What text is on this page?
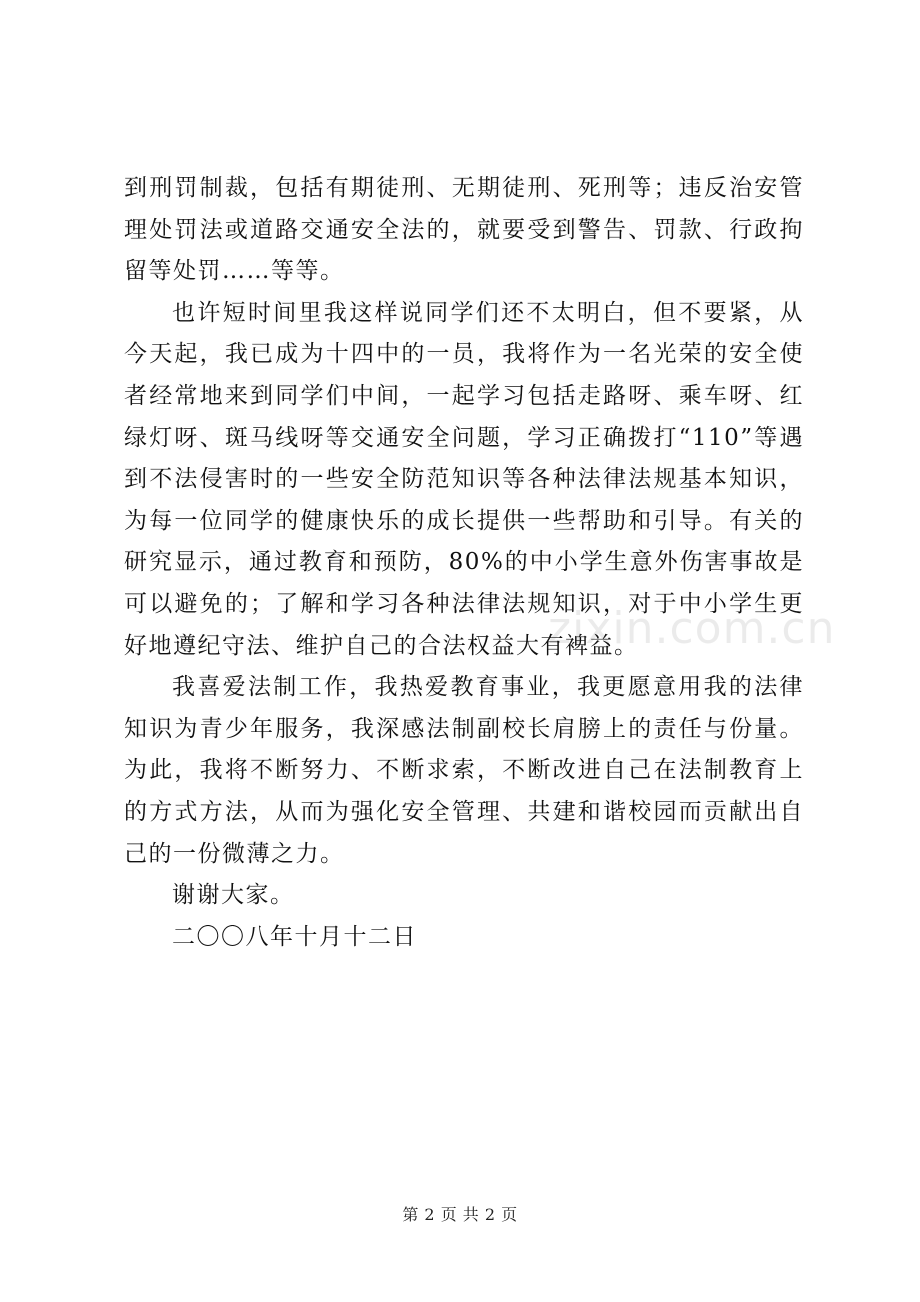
到刑罚制裁，包括有期徒刑、无期徒刑、死刑等；违反治安管理处罚法或道路交通安全法的，就要受到警告、罚款、行政拘留等处罚……等等。

也许短时间里我这样说同学们还不太明白，但不要紧，从今天起，我已成为十四中的一员，我将作为一名光荣的安全使者经常地来到同学们中间，一起学习包括走路呀、乘车呀、红绿灯呀、斑马线呀等交通安全问题，学习正确拨打“110”等遇到不法侵害时的一些安全防范知识等各种法律法规基本知识，为每一位同学的健康快乐的成长提供一些帮助和引导。有关的研究显示，通过教育和预防，80%的中小学生意外伤害事故是可以避免的；了解和学习各种法律法规知识，对于中小学生更好地遵纪守法、维护自己的合法权益大有裨益。

我喜爱法制工作，我热爱教育事业，我更愿意用我的法律知识为青少年服务，我深感法制副校长肩膀上的责任与份量。为此，我将不断努力、不断求索，不断改进自己在法制教育上的方式方法，从而为强化安全管理、共建和谐校园而贡献出自己的一份微薄之力。

谢谢大家。

二〇〇八年十月十二日

zixin.com.cn
第 2 页 共 2 页
